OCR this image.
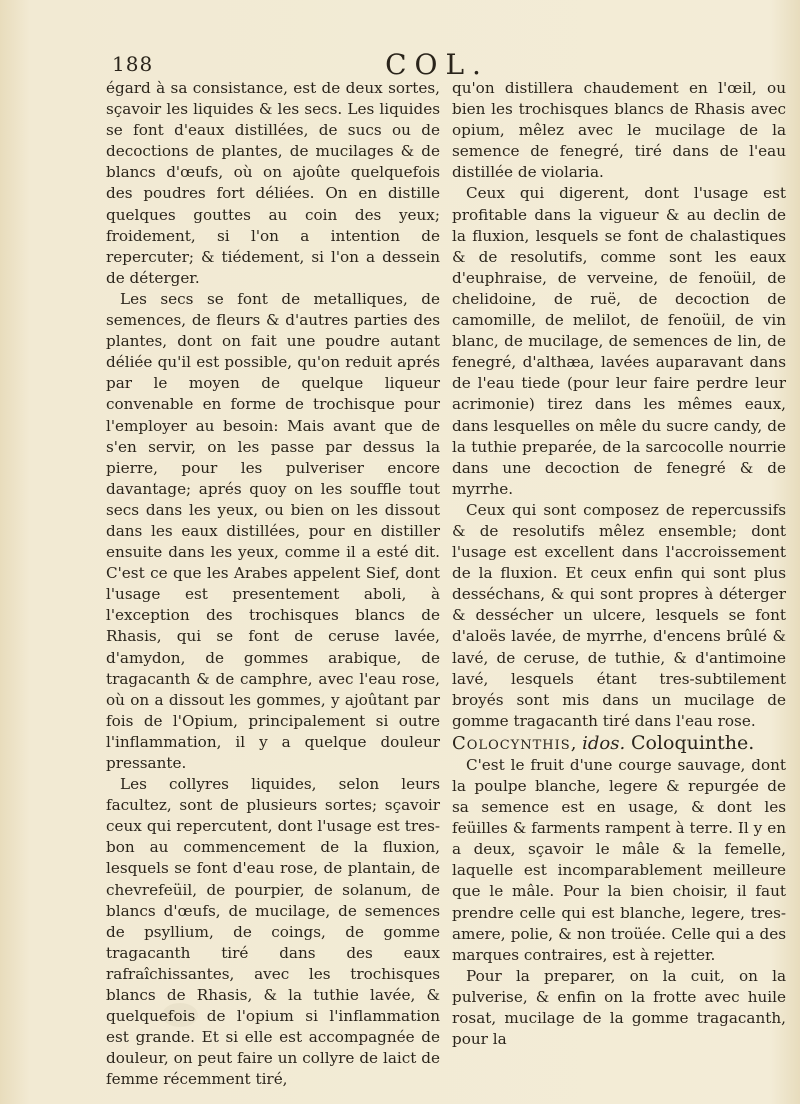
188	COL.

égard à sa consistance, est de deux sortes, sçavoir les liquides & les secs. Les liquides se font d'eaux distillées, de sucs ou de decoctions de plantes, de mucilages & de blancs d'œufs, où on ajoûte quelquefois des poudres fort déliées. On en distille quelques gouttes au coin des yeux; froidement, si l'on a intention de repercuter; & tiédement, si l'on a dessein de déterger.

Les secs se font de metalliques, de semences, de fleurs & d'autres parties des plantes, dont on fait une poudre autant déliée qu'il est possible, qu'on reduit aprés par le moyen de quelque liqueur convenable en forme de trochisque pour l'employer au besoin: Mais avant que de s'en servir, on les passe par dessus la pierre, pour les pulveriser encore davantage; aprés quoy on les souffle tout secs dans les yeux, ou bien on les dissout dans les eaux distillées, pour en distiller ensuite dans les yeux, comme il a esté dit. C'est ce que les Arabes appelent Sief, dont l'usage est presentement aboli, à l'exception des trochisques blancs de Rhasis, qui se font de ceruse lavée, d'amydon, de gommes arabique, de tragacanth & de camphre, avec l'eau rose, où on a dissout les gommes, y ajoûtant par fois de l'Opium, principalement si outre l'inflammation, il y a quelque douleur pressante.

Les collyres liquides, selon leurs facultez, sont de plusieurs sortes; sçavoir ceux qui repercutent, dont l'usage est tres-bon au commencement de la fluxion, lesquels se font d'eau rose, de plantain, de chevrefeüil, de pourpier, de solanum, de blancs d'œufs, de mucilage, de semences de psyllium, de coings, de gomme tragacanth tiré dans des eaux rafraîchissantes, avec les trochisques blancs de Rhasis, & la tuthie lavée, & quelquefois de l'opium si l'inflammation est grande. Et si elle est accompagnée de douleur, on peut faire un collyre de laict de femme récemment tiré,

qu'on distillera chaudement en l'œil, ou bien les trochisques blancs de Rhasis avec opium, mêlez avec le mucilage de la semence de fenegré, tiré dans de l'eau distillée de violaria.

Ceux qui digerent, dont l'usage est profitable dans la vigueur & au declin de la fluxion, lesquels se font de chalastiques & de resolutifs, comme sont les eaux d'euphraise, de verveine, de fenoüil, de chelidoine, de ruë, de decoction de camomille, de melilot, de fenoüil, de vin blanc, de mucilage, de semences de lin, de fenegré, d'althæa, lavées auparavant dans de l'eau tiede (pour leur faire perdre leur acrimonie) tirez dans les mêmes eaux, dans lesquelles on mêle du sucre candy, de la tuthie preparée, de la sarcocolle nourrie dans une decoction de fenegré & de myrrhe.

Ceux qui sont composez de repercussifs & de resolutifs mêlez ensemble; dont l'usage est excellent dans l'accroissement de la fluxion. Et ceux enfin qui sont plus desséchans, & qui sont propres à déterger & dessécher un ulcere, lesquels se font d'aloës lavée, de myrrhe, d'encens brûlé & lavé, de ceruse, de tuthie, & d'antimoine lavé, lesquels étant tres-subtilement broyés sont mis dans un mucilage de gomme tragacanth tiré dans l'eau rose.

Colocynthis, idos. Coloquinthe.

C'est le fruit d'une courge sauvage, dont la poulpe blanche, legere & repurgée de sa semence est en usage, & dont les feüilles & farments rampent à terre. Il y en a deux, sçavoir le mâle & la femelle, laquelle est incomparablement meilleure que le mâle. Pour la bien choisir, il faut prendre celle qui est blanche, legere, tres-amere, polie, & non troüée. Celle qui a des marques contraires, est à rejetter.

Pour la preparer, on la cuit, on la pulverise, & enfin on la frotte avec huile rosat, mucilage de la gomme tragacanth, pour la
